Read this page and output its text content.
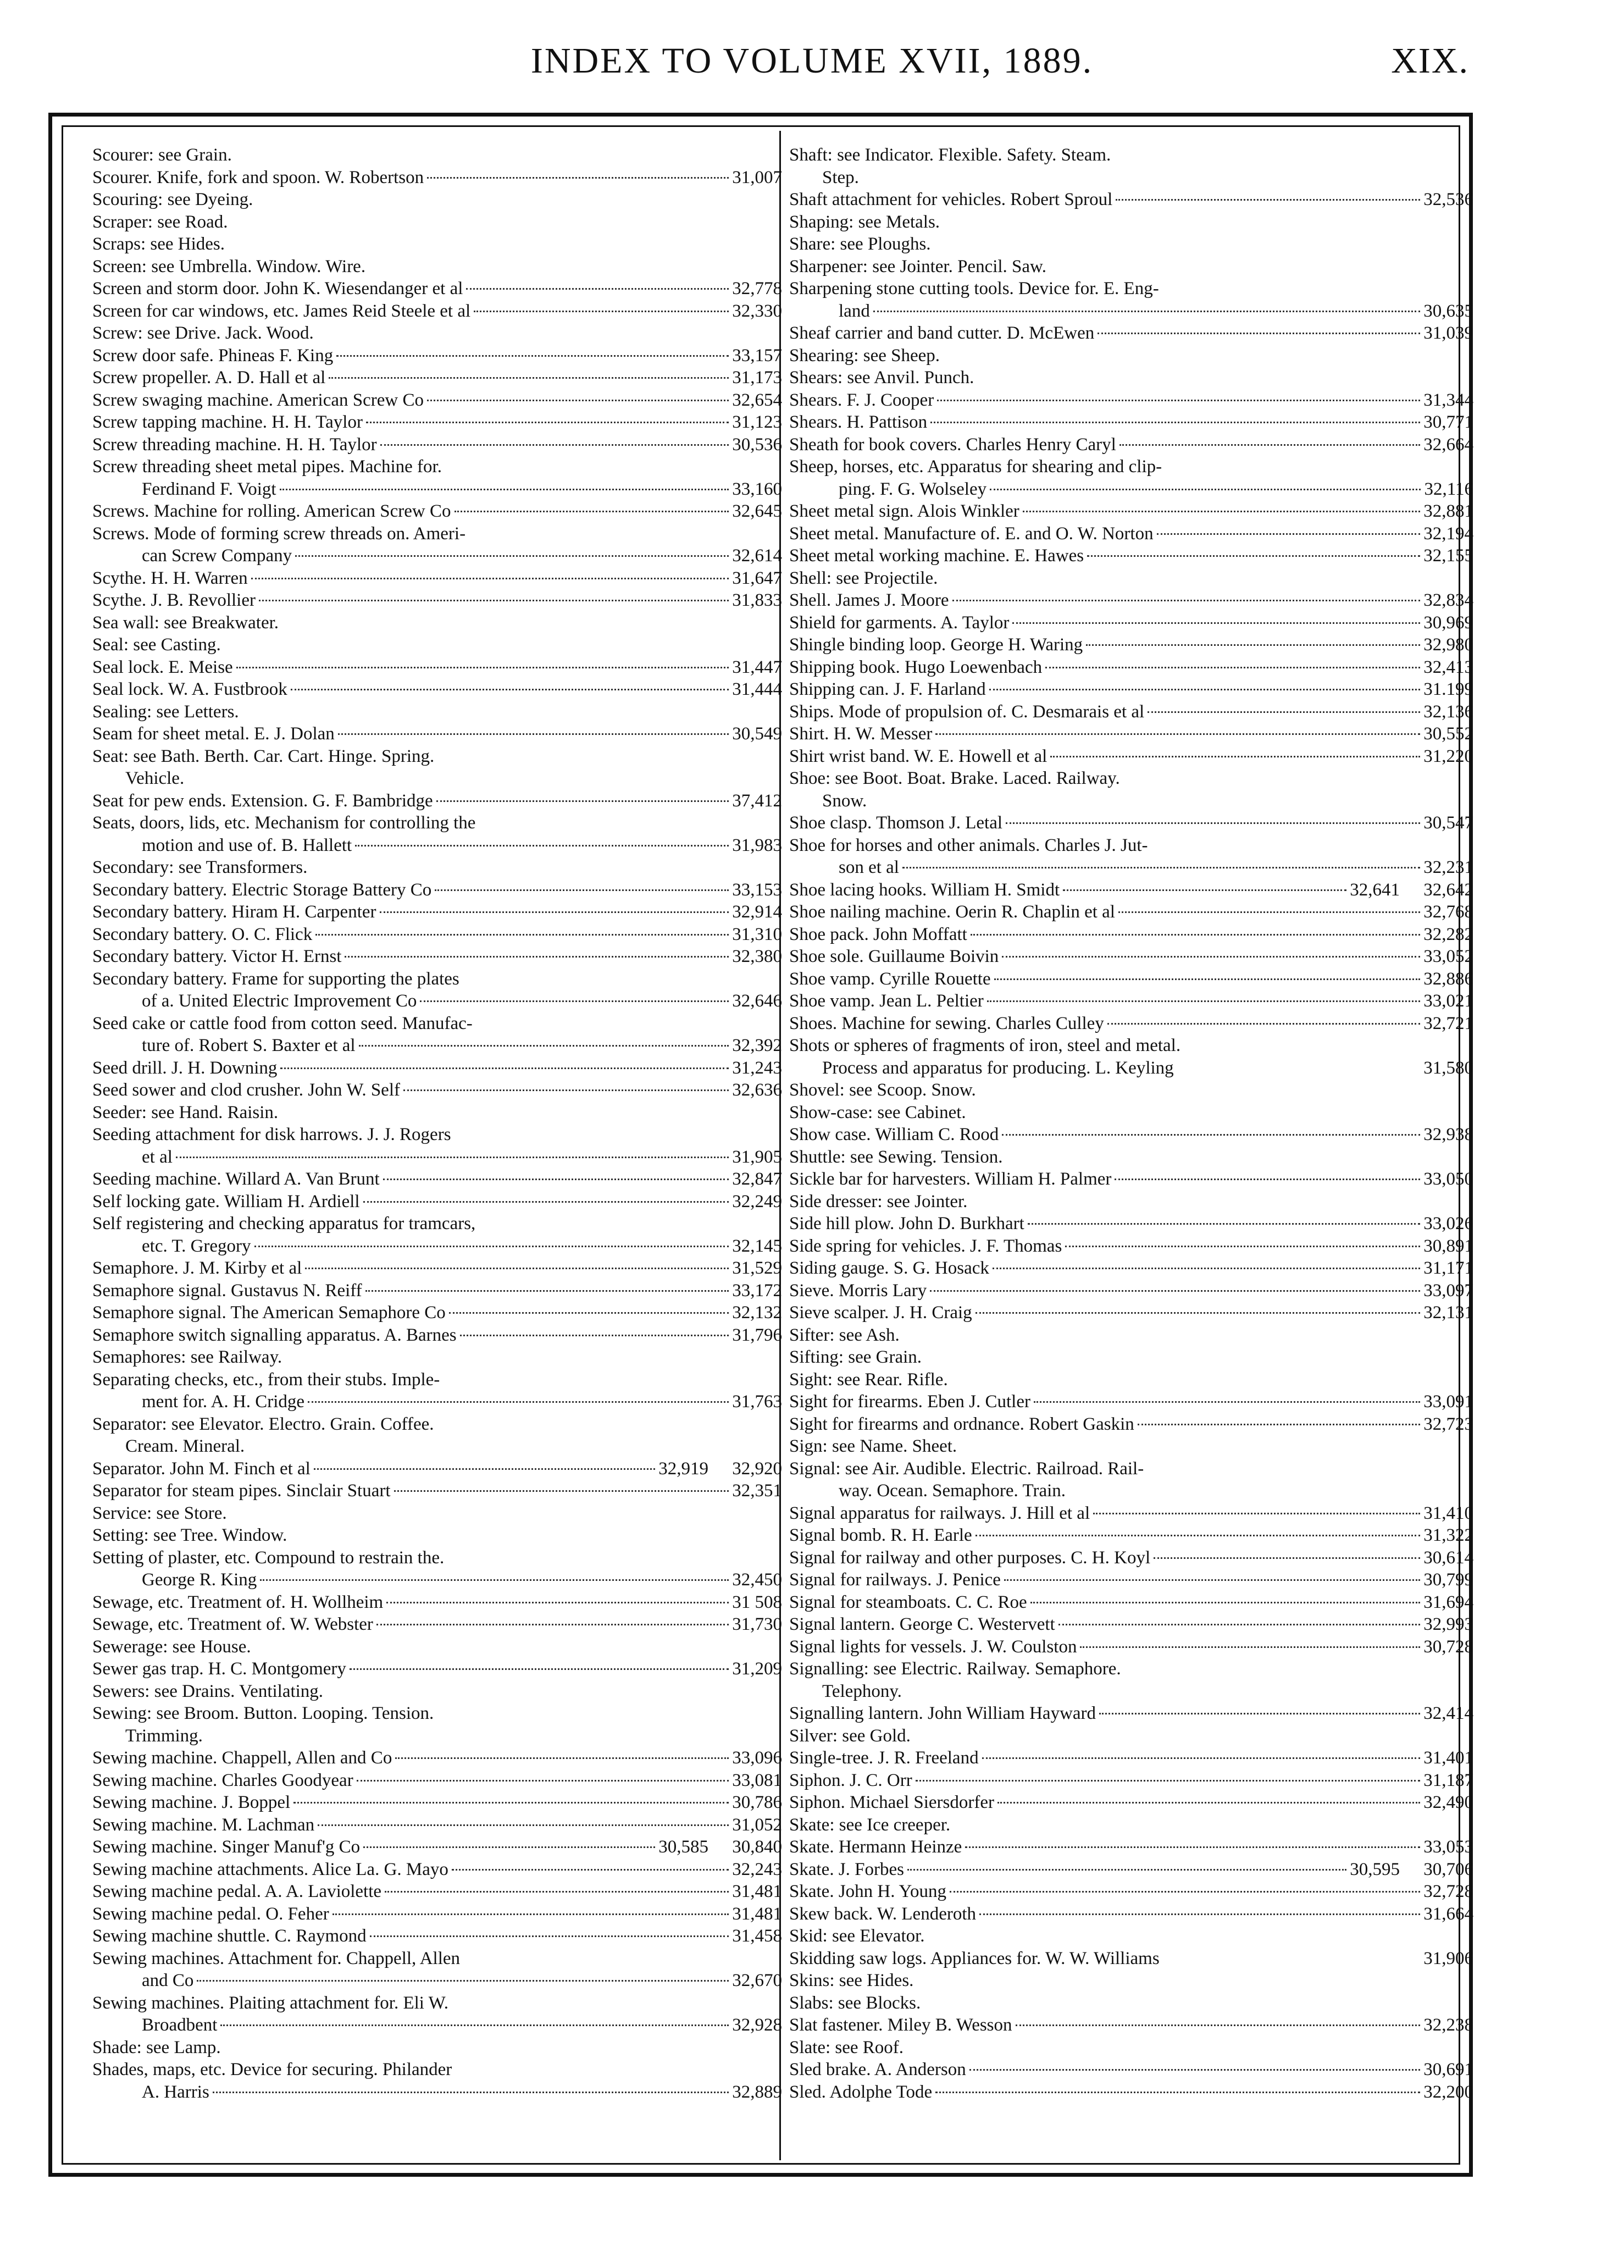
INDEX TO VOLUME XVII, 1889.	XIX.
Scourer: see Grain.
Scourer. Knife, fork and spoon. W. Robertson	31,007
Scouring: see Dyeing.
Scraper: see Road.
Scraps: see Hides.
Screen: see Umbrella. Window. Wire.
Screen and storm door. John K. Wiesendanger et al	32,778
Screen for car windows, etc. James Reid Steele et al	32,330
Screw: see Drive. Jack. Wood.
Screw door safe. Phineas F. King	33,157
Screw propeller. A. D. Hall et al	31,173
Screw swaging machine. American Screw Co	32,654
Screw tapping machine. H. H. Taylor	31,123
Screw threading machine. H. H. Taylor	30,536
Screw threading sheet metal pipes. Machine for.
Ferdinand F. Voigt	33,160
Screws. Machine for rolling. American Screw Co	32,645
Screws. Mode of forming screw threads on. Ameri-
can Screw Company	32,614
Scythe. H. H. Warren	31,647
Scythe. J. B. Revollier	31,833
Sea wall: see Breakwater.
Seal: see Casting.
Seal lock. E. Meise	31,447
Seal lock. W. A. Fustbrook	31,444
Sealing: see Letters.
Seam for sheet metal. E. J. Dolan	30,549
Seat: see Bath. Berth. Car. Cart. Hinge. Spring.
Vehicle.
Seat for pew ends. Extension. G. F. Bambridge	37,412
Seats, doors, lids, etc. Mechanism for controlling the
motion and use of. B. Hallett	31,983
Secondary: see Transformers.
Secondary battery. Electric Storage Battery Co	33,153
Secondary battery. Hiram H. Carpenter	32,914
Secondary battery. O. C. Flick	31,310
Secondary battery. Victor H. Ernst	32,380
Secondary battery. Frame for supporting the plates
of a. United Electric Improvement Co	32,646
Seed cake or cattle food from cotton seed. Manufac-
ture of. Robert S. Baxter et al	32,392
Seed drill. J. H. Downing	31,243
Seed sower and clod crusher. John W. Self	32,636
Seeder: see Hand. Raisin.
Seeding attachment for disk harrows. J. J. Rogers
et al	31,905
Seeding machine. Willard A. Van Brunt	32,847
Self locking gate. William H. Ardiell	32,249
Self registering and checking apparatus for tramcars,
etc. T. Gregory	32,145
Semaphore. J. M. Kirby et al	31,529
Semaphore signal. Gustavus N. Reiff	33,172
Semaphore signal. The American Semaphore Co	32,132
Semaphore switch signalling apparatus. A. Barnes	31,796
Semaphores: see Railway.
Separating checks, etc., from their stubs. Imple-
ment for. A. H. Cridge	31,763
Separator: see Elevator. Electro. Grain. Coffee.
Cream. Mineral.
Separator. John M. Finch et al	32,919	32,920
Separator for steam pipes. Sinclair Stuart	32,351
Service: see Store.
Setting: see Tree. Window.
Setting of plaster, etc. Compound to restrain the.
George R. King	32,450
Sewage, etc. Treatment of. H. Wollheim	31 508
Sewage, etc. Treatment of. W. Webster	31,730
Sewerage: see House.
Sewer gas trap. H. C. Montgomery	31,209
Sewers: see Drains. Ventilating.
Sewing: see Broom. Button. Looping. Tension.
Trimming.
Sewing machine. Chappell, Allen and Co	33,096
Sewing machine. Charles Goodyear	33,081
Sewing machine. J. Boppel	30,786
Sewing machine. M. Lachman	31,052
Sewing machine. Singer Manuf'g Co	30,585	30,840
Sewing machine attachments. Alice La. G. Mayo	32,243
Sewing machine pedal. A. A. Laviolette	31,481
Sewing machine pedal. O. Feher	31,481
Sewing machine shuttle. C. Raymond	31,458
Sewing machines. Attachment for. Chappell, Allen
and Co	32,670
Sewing machines. Plaiting attachment for. Eli W.
Broadbent	32,928
Shade: see Lamp.
Shades, maps, etc. Device for securing. Philander
A. Harris	32,889
Shaft: see Indicator. Flexible. Safety. Steam.
Step.
Shaft attachment for vehicles. Robert Sproul	32,536
Shaping: see Metals.
Share: see Ploughs.
Sharpener: see Jointer. Pencil. Saw.
Sharpening stone cutting tools. Device for. E. Eng-
land	30,635
Sheaf carrier and band cutter. D. McEwen	31,039
Shearing: see Sheep.
Shears: see Anvil. Punch.
Shears. F. J. Cooper	31,344
Shears. H. Pattison	30,771
Sheath for book covers. Charles Henry Caryl	32,664
Sheep, horses, etc. Apparatus for shearing and clip-
ping. F. G. Wolseley	32,116
Sheet metal sign. Alois Winkler	32,881
Sheet metal. Manufacture of. E. and O. W. Norton	32,194
Sheet metal working machine. E. Hawes	32,155
Shell: see Projectile.
Shell. James J. Moore	32,834
Shield for garments. A. Taylor	30,969
Shingle binding loop. George H. Waring	32,980
Shipping book. Hugo Loewenbach	32,413
Shipping can. J. F. Harland	31.199
Ships. Mode of propulsion of. C. Desmarais et al	32,136
Shirt. H. W. Messer	30,552
Shirt wrist band. W. E. Howell et al	31,220
Shoe: see Boot. Boat. Brake. Laced. Railway.
Snow.
Shoe clasp. Thomson J. Letal	30,547
Shoe for horses and other animals. Charles J. Jut-
son et al	32,231
Shoe lacing hooks. William H. Smidt	32,641	32,642
Shoe nailing machine. Oerin R. Chaplin et al	32,768
Shoe pack. John Moffatt	32,282
Shoe sole. Guillaume Boivin	33,052
Shoe vamp. Cyrille Rouette	32,886
Shoe vamp. Jean L. Peltier	33,021
Shoes. Machine for sewing. Charles Culley	32,721
Shots or spheres of fragments of iron, steel and metal.
Process and apparatus for producing. L. Keyling	31,580
Shovel: see Scoop. Snow.
Show-case: see Cabinet.
Show case. William C. Rood	32,938
Shuttle: see Sewing. Tension.
Sickle bar for harvesters. William H. Palmer	33,050
Side dresser: see Jointer.
Side hill plow. John D. Burkhart	33,026
Side spring for vehicles. J. F. Thomas	30,891
Siding gauge. S. G. Hosack	31,171
Sieve. Morris Lary	33,097
Sieve scalper. J. H. Craig	32,131
Sifter: see Ash.
Sifting: see Grain.
Sight: see Rear. Rifle.
Sight for firearms. Eben J. Cutler	33,091
Sight for firearms and ordnance. Robert Gaskin	32,723
Sign: see Name. Sheet.
Signal: see Air. Audible. Electric. Railroad. Rail-
way. Ocean. Semaphore. Train.
Signal apparatus for railways. J. Hill et al	31,410
Signal bomb. R. H. Earle	31,322
Signal for railway and other purposes. C. H. Koyl	30,614
Signal for railways. J. Penice	30,799
Signal for steamboats. C. C. Roe	31,694
Signal lantern. George C. Westervett	32,993
Signal lights for vessels. J. W. Coulston	30,728
Signalling: see Electric. Railway. Semaphore.
Telephony.
Signalling lantern. John William Hayward	32,414
Silver: see Gold.
Single-tree. J. R. Freeland	31,401
Siphon. J. C. Orr	31,187
Siphon. Michael Siersdorfer	32,490
Skate: see Ice creeper.
Skate. Hermann Heinze	33,053
Skate. J. Forbes	30,595	30,706
Skate. John H. Young	32,728
Skew back. W. Lenderoth	31,664
Skid: see Elevator.
Skidding saw logs. Appliances for. W. W. Williams	31,906
Skins: see Hides.
Slabs: see Blocks.
Slat fastener. Miley B. Wesson	32,238
Slate: see Roof.
Sled brake. A. Anderson	30,691
Sled. Adolphe Tode	32,200
